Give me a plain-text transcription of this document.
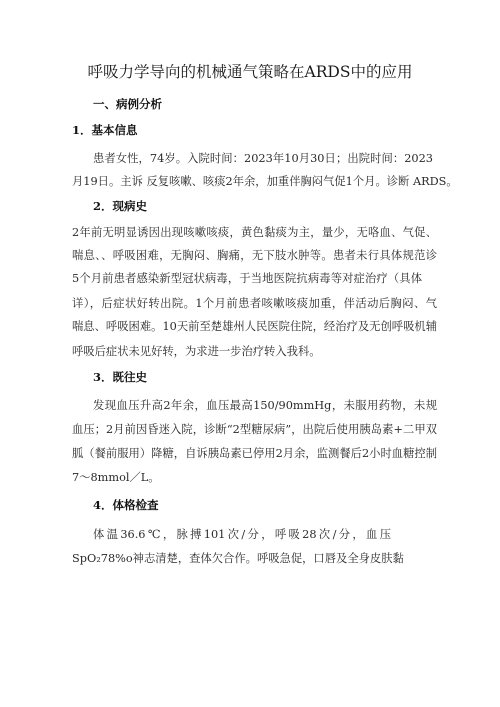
呼吸力学导向的机械通气策略在ARDS中的应用
一、病例分析
1．基本信息
患者女性，74岁。入院时间：2023年10月30日；出院时间：2023
月19日。主诉 反复咳嗽、咳痰2年余，加重伴胸闷气促1个月。诊断 ARDS。
2．现病史
2年前无明显诱因出现咳嗽咳痰，黄色黏痰为主，量少，无咯血、气促、
喘息、、呼吸困难，无胸闷、胸痛，无下肢水肿等。患者未行具体规范诊
5个月前患者感染新型冠状病毒，于当地医院抗病毒等对症治疗（具体
详），后症状好转出院。1个月前患者咳嗽咳痰加重，伴活动后胸闷、气
喘息、呼吸困难。10天前至楚雄州人民医院住院，经治疗及无创呼吸机辅
呼吸后症状未见好转，为求进一步治疗转入我科。
3．既往史
发现血压升高2年余，血压最高150/90mmHg，未服用药物，未规
血压；2月前因昏迷入院，诊断“2型糖尿病”，出院后使用胰岛素+二甲双
胍（餐前服用）降糖，自诉胰岛素已停用2月余，监测餐后2小时血糖控制
7～8mmol／L。
4．体格检查
体温36.6℃，脉搏101次/分，呼吸28次/分，血压
SpO₂78%o神志清楚，查体欠合作。呼吸急促，口唇及全身皮肤黏
